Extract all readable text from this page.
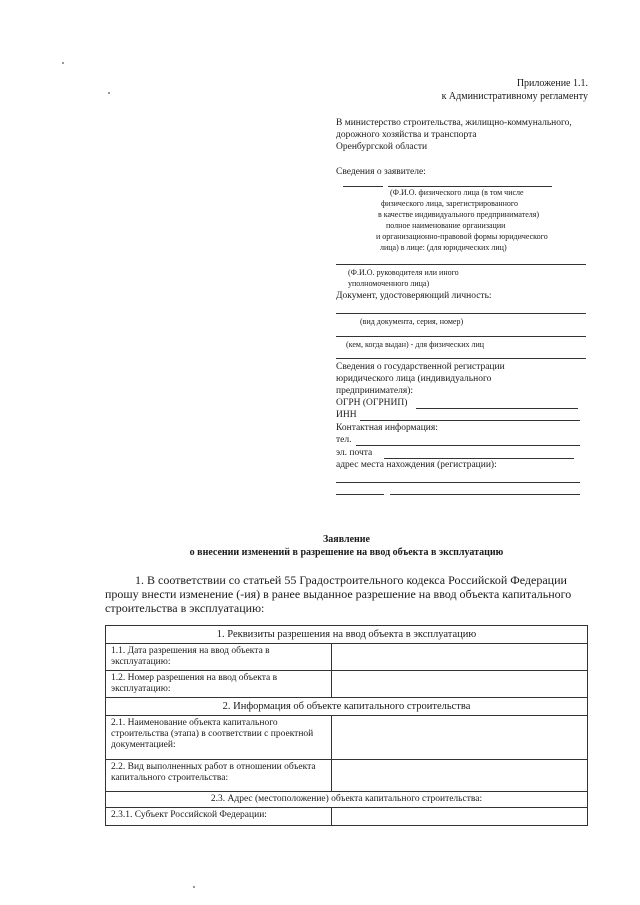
Приложение 1.1.
к Административному регламенту
В министерство строительства, жилищно-коммунального,
дорожного хозяйства и транспорта
Оренбургской области
Сведения о заявителе:
(Ф.И.О. физического лица (в том числе
физического лица, зарегистрированного
в качестве индивидуального предпринимателя)
полное наименование организации
и организационно-правовой формы юридического
лица) в лице: (для юридических лиц)
(Ф.И.О. руководителя или иного
уполномоченного лица)
Документ, удостоверяющий личность:
(вид документа, серия, номер)
(кем, когда выдан) - для физических лиц
Сведения о государственной регистрации
юридического лица (индивидуального
предпринимателя):
ОГРН (ОГРНИП)
ИНН
Контактная информация:
тел.
эл. почта
адрес места нахождения (регистрации):
Заявление
о внесении изменений в разрешение на ввод объекта в эксплуатацию
1. В соответствии со статьей 55 Градостроительного кодекса Российской Федерации
прошу внести изменение (-ия) в ранее выданное разрешение на ввод объекта капитального
строительства в эксплуатацию:
1. Реквизиты разрешения на ввод объекта в эксплуатацию	
1.1. Дата разрешения на ввод объекта в эксплуатацию:	
1.2. Номер разрешения на ввод объекта в эксплуатацию:	
2. Информация об объекте капитального строительства	
2.1. Наименование объекта капитального строительства (этапа) в соответствии с проектной документацией:	
2.2. Вид выполненных работ в отношении объекта капитального строительства:	
2.3. Адрес (местоположение) объекта капитального строительства:	
2.3.1. Субъект Российской Федерации:	
